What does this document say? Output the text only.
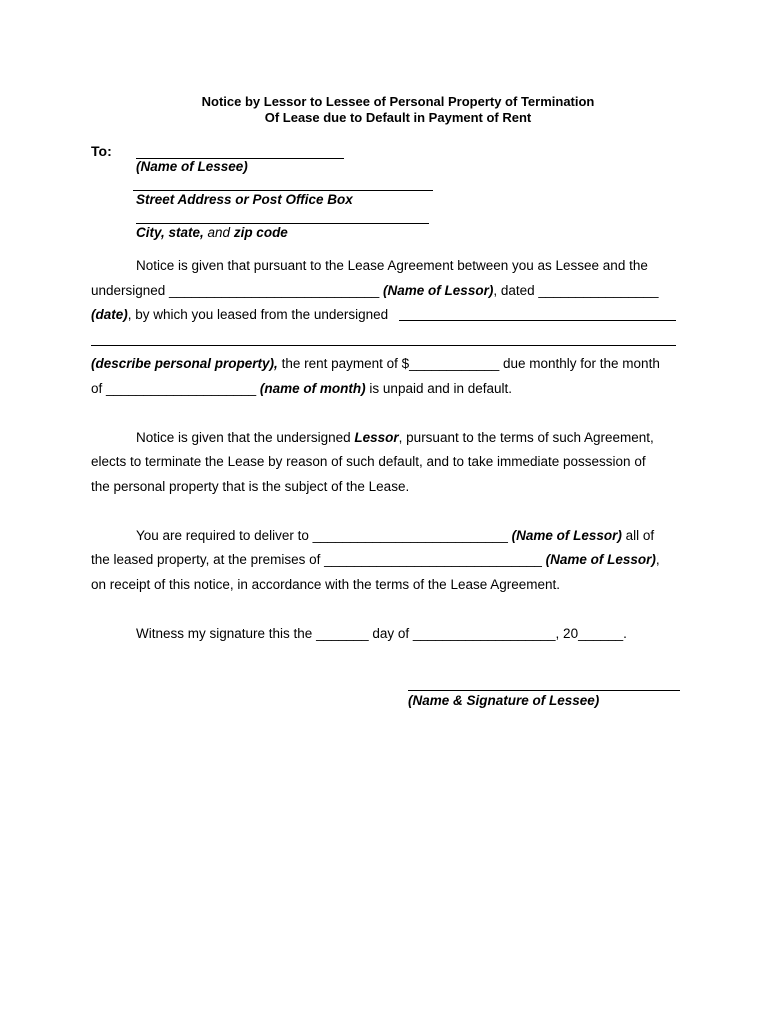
Notice by Lessor to Lessee of Personal Property of Termination
Of Lease due to Default in Payment of Rent
To:
(Name of Lessee)
Street Address or Post Office Box
City, state, and zip code
Notice is given that pursuant to the Lease Agreement between you as Lessee and the
undersigned ____________________________ (Name of Lessor), dated ________________
(date), by which you leased from the undersigned
(describe personal property), the rent payment of $____________ due monthly for the month
of ____________________ (name of month) is unpaid and in default.
Notice is given that the undersigned Lessor, pursuant to the terms of such Agreement,
elects to terminate the Lease by reason of such default, and to take immediate possession of
the personal property that is the subject of the Lease.
You are required to deliver to __________________________ (Name of Lessor) all of
the leased property, at the premises of _____________________________ (Name of Lessor),
on receipt of this notice, in accordance with the terms of the Lease Agreement.
Witness my signature this the _______ day of ___________________, 20______.
(Name & Signature of Lessee)
